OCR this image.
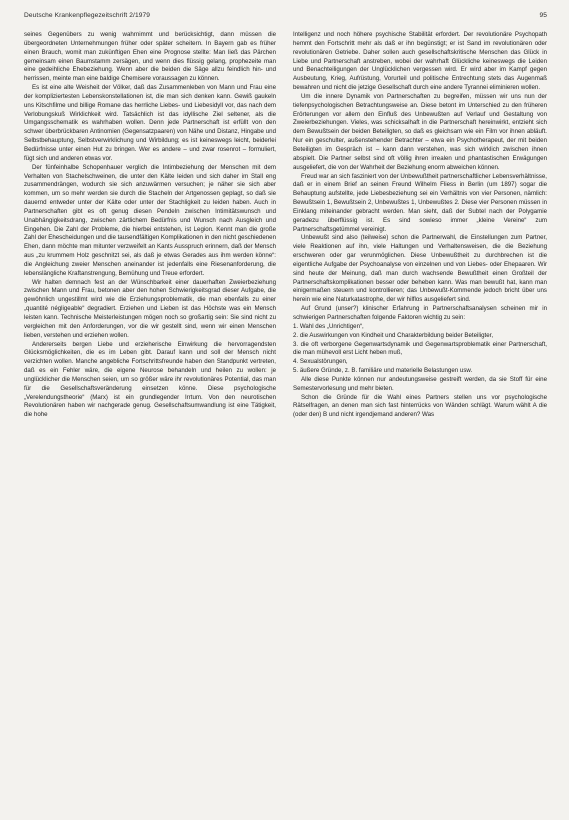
Deutsche Krankenpflegezeitschrift 2/1979	95

seines Gegenübers zu wenig wahrnimmt und berücksichtigt, dann müssen die übergeordneten Unternehmungen früher oder später scheitern. In Bayern gab es früher einen Brauch, womit man zukünftigen Ehen eine Prognose stellte: Man ließ das Pärchen gemeinsam einen Baumstamm zersägen, und wenn dies flüssig gelang, prophezeite man eine gedeihliche Ehebeziehung. Wenn aber die beiden die Säge allzu feindlich hin- und herrissen, meinte man eine baldige Chemisere voraussagen zu können.

Es ist eine alte Weisheit der Völker, daß das Zusammenleben von Mann und Frau eine der kompliziertesten Lebenskonstellationen ist, die man sich denken kann. Gewiß gaukeln uns Kitschfilme und billige Romane das herrliche Liebes- und Liebesidyll vor, das nach dem Verlobungskuß Wirklichkeit wird. Tatsächlich ist das idyllische Ziel seltener, als die Umgangsschematik es wahrhaben wollen. Denn jede Partnerschaft ist erfüllt von den schwer überbrückbaren Antinomien (Gegensatzpaaren) von Nähe und Distanz, Hingabe und Selbstbehauptung, Selbstverwirklichung und Wirbildung; es ist keineswegs leicht, beiderlei Bedürfnisse unter einen Hut zu bringen. Wer es andere – und zwar rosenrot – formuliert, fügt sich und anderen etwas vor.

Der fünfeinhalbe Schopenhauer verglich die Intimbeziehung der Menschen mit dem Verhalten von Stachelschweinen, die unter den Kälte leiden und sich daher im Stall eng zusammendrängen, wodurch sie sich anzuwärmen versuchen; je näher sie sich aber kommen, um so mehr werden sie durch die Stacheln der Artgenossen geplagt, so daß sie dauernd entweder unter der Kälte oder unter der Stachligkeit zu leiden haben. Auch in Partnerschaften gibt es oft genug diesen Pendeln zwischen Intimitätswunsch und Unabhängigkeitsdrang, zwischen zärtlichem Bedürfnis und Wunsch nach Ausgleich und Eingehen. Die Zahl der Probleme, die hierbei entstehen, ist Legion. Kennt man die große Zahl der Ehescheidungen und die tausendfältigen Komplikationen in den nicht geschiedenen Ehen, dann möchte man mitunter verzweifelt an Kants Ausspruch erinnern, daß der Mensch aus „zu krummem Holz geschnitzt sei, als daß je etwas Gerades aus ihm werden könne“: die Angleichung zweier Menschen aneinander ist jedenfalls eine Riesenanforderung, die lebenslängliche Kraftanstrengung, Bemühung und Treue erfordert.

Wir halten demnach fest an der Wünschbarkeit einer dauerhaften Zweierbeziehung zwischen Mann und Frau, betonen aber den hohen Schwierigkeitsgrad dieser Aufgabe, die gewöhnlich ungestillmt wird wie die Erziehungsproblematik, die man ebenfalls zu einer „quantité négligeable“ degradiert. Erziehen und Lieben ist das Höchste was ein Mensch leisten kann. Technische Meisterleistungen mögen noch so großartig sein: Sie sind nicht zu vergleichen mit den Anforderungen, vor die wir gestellt sind, wenn wir einen Menschen lieben, verstehen und erziehen wollen.

Andererseits bergen Liebe und erzieherische Einwirkung die hervorragendsten Glücksmöglichkeiten, die es im Leben gibt. Darauf kann und soll der Mensch nicht verzichten wollen. Manche angebliche Fortschrittsfreunde haben den Standpunkt vertreten, daß es ein Fehler wäre, die eigene Neurose behandeln und heilen zu wollen: je unglücklicher die Menschen seien, um so größer wäre ihr revolutionäres Potential, das man für die Gesellschaftsveränderung einsetzen könne. Diese psychologische „Verelendungstheorie“ (Marx) ist ein grundlegender Irrtum. Von den neurotischen Revolutionären haben wir nachgerade genug. Gesellschaftsumwandlung ist eine Tätigkeit, die hohe

Intelligenz und noch höhere psychische Stabilität erfordert. Der revolutionäre Psychopath hemmt den Fortschritt mehr als daß er ihn begünstigt; er ist Sand im revolutionären oder revolutionären Getriebe. Daher sollen auch gesellschaftskritische Menschen das Glück in Liebe und Partnerschaft anstreben, wobei der wahrhaft Glückliche keineswegs die Leiden und Benachteiligungen der Unglücklichen vergessen wird. Er wird aber im Kampf gegen Ausbeutung, Krieg, Aufrüstung, Vorurteil und politische Entrechtung stets das Augenmaß bewahren und nicht die jetzige Gesellschaft durch eine andere Tyrannei eliminieren wollen.

Um die innere Dynamik von Partnerschaften zu begreifen, müssen wir uns nun der tiefenpsychologischen Betrachtungsweise an. Diese betont im Unterschied zu den früheren Erörterungen vor allem den Einfluß des Unbewußten auf Verlauf und Gestaltung von Zweierbeziehungen. Vieles, was schicksalhaft in die Partnerschaft hereinwirkt, entzieht sich dem Bewußtsein der beiden Beteiligten, so daß es gleichsam wie ein Film vor ihnen abläuft. Nur ein geschulter, außenstehender Betrachter – etwa ein Psychotherapeut, der mit beiden Beteiligten im Gespräch ist – kann dann verstehen, was sich wirklich zwischen ihnen abspielt. Die Partner selbst sind oft völlig ihren irrealen und phantastischen Erwägungen ausgeliefert, die von der Wahrheit der Beziehung enorm abweichen können.

Freud war an sich fasziniert von der Unbewußtheit partnerschaftlicher Lebensverhältnisse, daß er in einem Brief an seinen Freund Wilhelm Fliess in Berlin (um 1897) sogar die Behauptung aufstellte, jede Liebesbeziehung sei ein Verhältnis von vier Personen, nämlich: Bewußtsein 1, Bewußtsein 2, Unbewußtes 1, Unbewußtes 2. Diese vier Personen müssen in Einklang miteinander gebracht werden. Man sieht, daß der Subtel nach der Polygamie geradezu überflüssig ist. Es sind sowieso immer „kleine Vereine“ zum Partnerschaftsgetümmel vereinigt.

Unbewußt sind also (teilweise) schon die Partnerwahl, die Einstellungen zum Partner, viele Reaktionen auf ihn, viele Haltungen und Verhaltensweisen, die die Beziehung erschweren oder gar verunmöglichen. Diese Unbewußtheit zu durchbrechen ist die eigentliche Aufgabe der Psychoanalyse von einzelnen und von Liebes- oder Ehepaaren. Wir sind heute der Meinung, daß man durch wachsende Bewußtheit einen Großteil der Partnerschaftskomplikationen besser oder beheben kann. Was man bewußt hat, kann man einigermaßen steuern und kontrollieren; das Unbewußt-Kommende jedoch bricht über uns herein wie eine Naturkatastrophe, der wir hilflos ausgeliefert sind.

Auf Grund (unser?) klinischer Erfahrung in Partnerschaftsanalysen scheinen mir in schwierigen Partnerschaften folgende Faktoren wichtig zu sein:

1. Wahl des „Unrichtigen“,

2. die Auswirkungen von Kindheit und Charakterbildung beider Beteiligter,

3. die oft verborgene Gegenwartsdynamik und Gegenwartsproblematik einer Partnerschaft, die man mühevoll erst Licht heben muß,

4. Sexualstörungen,

5. äußere Gründe, z. B. familiäre und materielle Belastungen usw.

Alle diese Punkte können nur andeutungsweise gestreift werden, da sie Stoff für eine Semestervorlesung und mehr bieten.

Schon die Gründe für die Wahl eines Partners stellen uns vor psychologische Rätselfragen, an denen man sich fast hinterrücks von Wänden schlägt. Warum wählt A die (oder den) B und nicht irgendjemand anderen? Was
